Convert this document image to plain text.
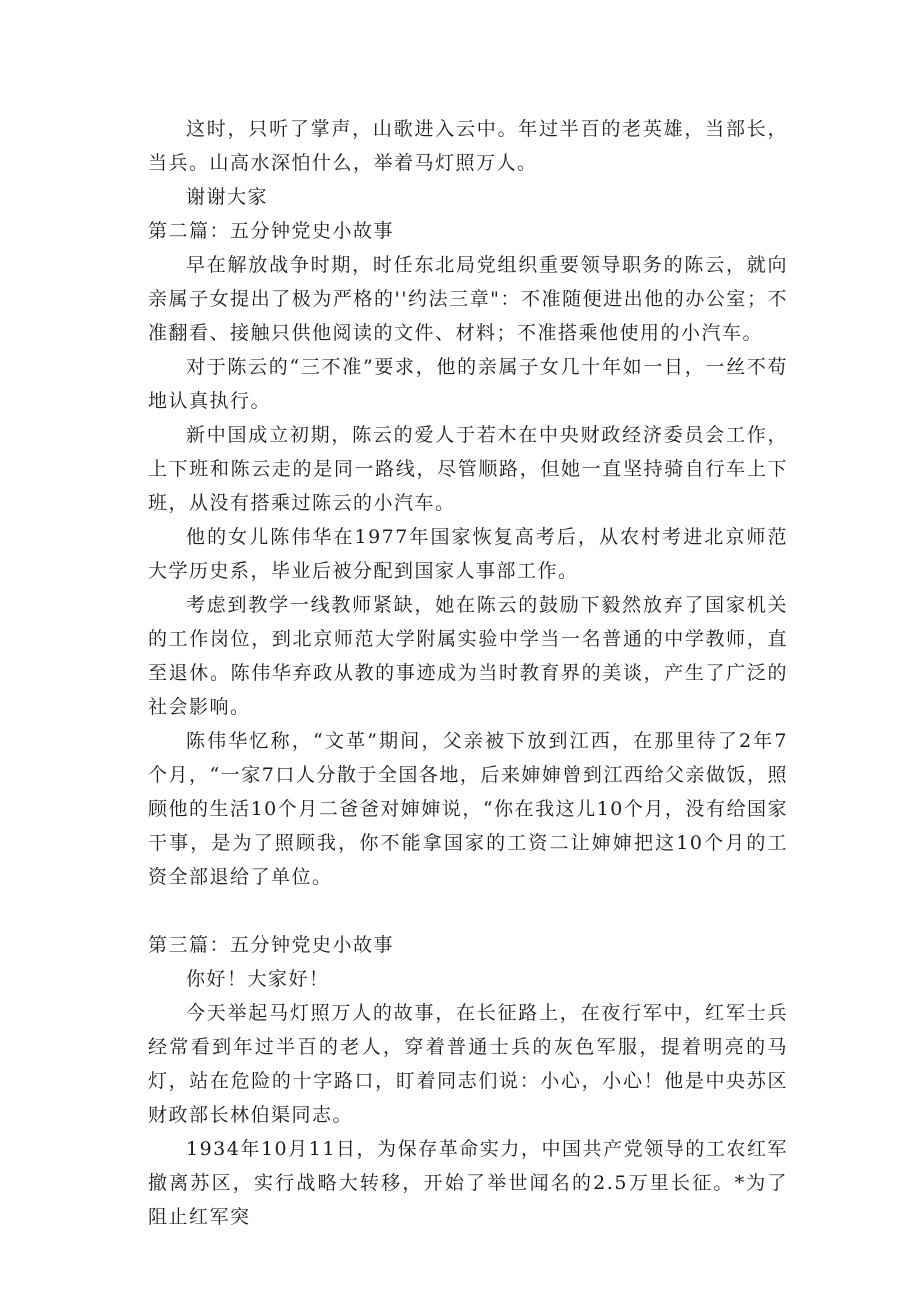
这时，只听了掌声，山歌进入云中。年过半百的老英雄，当部长，当兵。山高水深怕什么，举着马灯照万人。

谢谢大家

第二篇：五分钟党史小故事

早在解放战争时期，时任东北局党组织重要领导职务的陈云，就向亲属子女提出了极为严格的''约法三章"：不准随便进出他的办公室；不准翻看、接触只供他阅读的文件、材料；不准搭乘他使用的小汽车。

对于陈云的“三不准”要求，他的亲属子女几十年如一日，一丝不苟地认真执行。

新中国成立初期，陈云的爱人于若木在中央财政经济委员会工作，上下班和陈云走的是同一路线，尽管顺路，但她一直坚持骑自行车上下班，从没有搭乘过陈云的小汽车。

他的女儿陈伟华在1977年国家恢复高考后，从农村考进北京师范大学历史系，毕业后被分配到国家人事部工作。

考虑到教学一线教师紧缺，她在陈云的鼓励下毅然放弃了国家机关的工作岗位，到北京师范大学附属实验中学当一名普通的中学教师，直至退休。陈伟华弃政从教的事迹成为当时教育界的美谈，产生了广泛的社会影响。

陈伟华忆称，“文革”期间，父亲被下放到江西，在那里待了2年7个月，“一家7口人分散于全国各地，后来婶婶曾到江西给父亲做饭，照顾他的生活10个月二爸爸对婶婶说，“你在我这儿10个月，没有给国家干事，是为了照顾我，你不能拿国家的工资二让婶婶把这10个月的工资全部退给了单位。

第三篇：五分钟党史小故事

你好！大家好！

今天举起马灯照万人的故事，在长征路上，在夜行军中，红军士兵经常看到年过半百的老人，穿着普通士兵的灰色军服，提着明亮的马灯，站在危险的十字路口，盯着同志们说：小心，小心！他是中央苏区财政部长林伯渠同志。

1934年10月11日，为保存革命实力，中国共产党领导的工农红军撤离苏区，实行战略大转移，开始了举世闻名的2.5万里长征。*为了阻止红军突
